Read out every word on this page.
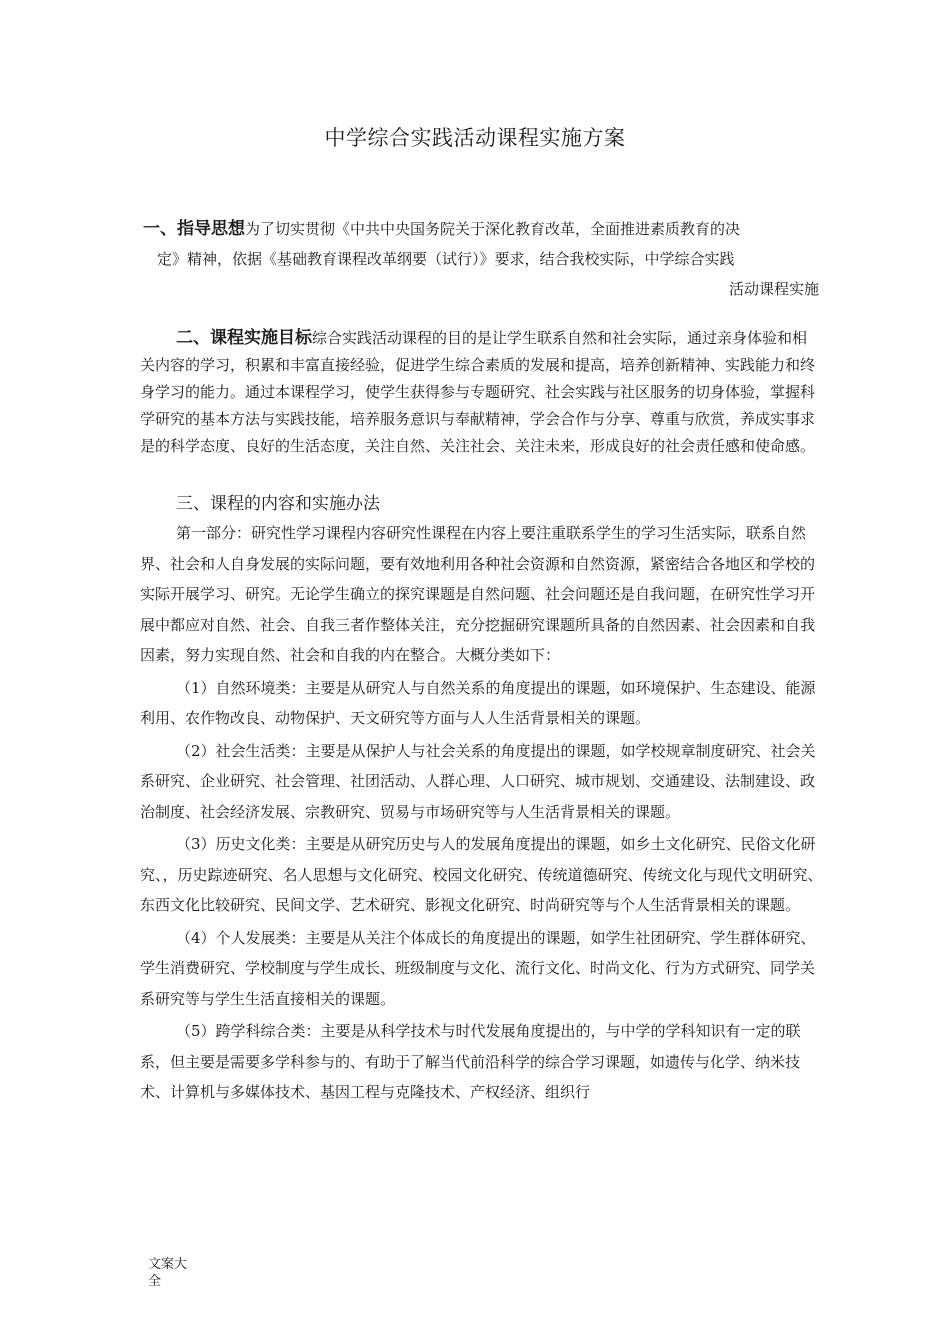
中学综合实践活动课程实施方案
一、指导思想为了切实贯彻《中共中央国务院关于深化教育改革，全面推进素质教育的决
定》精神，依据《基础教育课程改革纲要（试行）》要求，结合我校实际，中学综合实践
活动课程实施
二、课程实施目标综合实践活动课程的目的是让学生联系自然和社会实际，通过亲身体验和相关内容的学习，积累和丰富直接经验，促进学生综合素质的发展和提高，培养创新精神、实践能力和终身学习的能力。通过本课程学习，使学生获得参与专题研究、社会实践与社区服务的切身体验，掌握科学研究的基本方法与实践技能，培养服务意识与奉献精神，学会合作与分享、尊重与欣赏，养成实事求是的科学态度、良好的生活态度，关注自然、关注社会、关注未来，形成良好的社会责任感和使命感。
三、课程的内容和实施办法

第一部分：研究性学习课程内容研究性课程在内容上要注重联系学生的学习生活实际，联系自然界、社会和人自身发展的实际问题，要有效地利用各种社会资源和自然资源，紧密结合各地区和学校的实际开展学习、研究。无论学生确立的探究课题是自然问题、社会问题还是自我问题，在研究性学习开展中都应对自然、社会、自我三者作整体关注，充分挖掘研究课题所具备的自然因素、社会因素和自我因素，努力实现自然、社会和自我的内在整合。大概分类如下：

（1）自然环境类：主要是从研究人与自然关系的角度提出的课题，如环境保护、生态建设、能源利用、农作物改良、动物保护、天文研究等方面与人人生活背景相关的课题。

（2）社会生活类：主要是从保护人与社会关系的角度提出的课题，如学校规章制度研究、社会关系研究、企业研究、社会管理、社团活动、人群心理、人口研究、城市规划、交通建设、法制建设、政治制度、社会经济发展、宗教研究、贸易与市场研究等与人生活背景相关的课题。

（3）历史文化类：主要是从研究历史与人的发展角度提出的课题，如乡土文化研究、民俗文化研究、，历史踪迹研究、名人思想与文化研究、校园文化研究、传统道德研究、传统文化与现代文明研究、东西文化比较研究、民间文学、艺术研究、影视文化研究、时尚研究等与个人生活背景相关的课题。

（4）个人发展类：主要是从关注个体成长的角度提出的课题，如学生社团研究、学生群体研究、学生消费研究、学校制度与学生成长、班级制度与文化、流行文化、时尚文化、行为方式研究、同学关系研究等与学生生活直接相关的课题。

（5）跨学科综合类：主要是从科学技术与时代发展角度提出的，与中学的学科知识有一定的联系，但主要是需要多学科参与的、有助于了解当代前沿科学的综合学习课题，如遗传与化学、纳米技术、计算机与多媒体技术、基因工程与克隆技术、产权经济、组织行

文案大全
